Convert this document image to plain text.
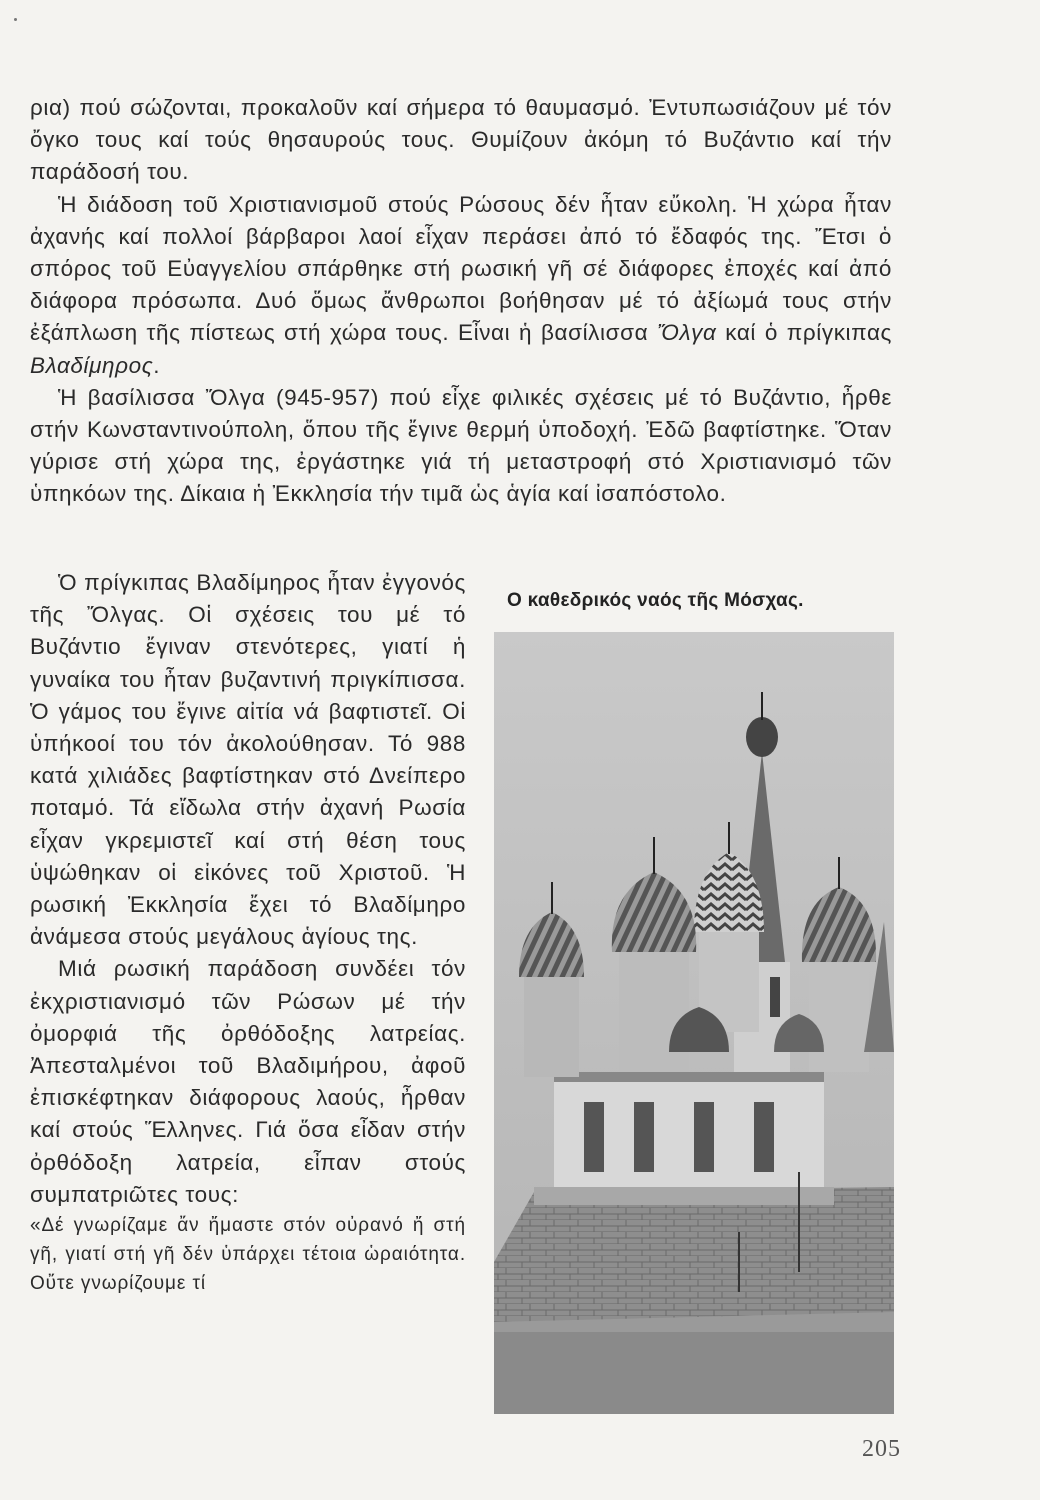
ρια) πού σώζονται, προκαλοῦν καί σήμερα τό θαυμασμό. Ἐντυπωσιάζουν μέ τόν ὄγκο τους καί τούς θησαυρούς τους. Θυμίζουν ἀκόμη τό Βυζάντιο καί τήν παράδοσή του.

Ἡ διάδοση τοῦ Χριστιανισμοῦ στούς Ρώσους δέν ἦταν εὔκολη. Ἡ χώρα ἦταν ἀχανής καί πολλοί βάρβαροι λαοί εἶχαν περάσει ἀπό τό ἔδαφός της. Ἔτσι ὁ σπόρος τοῦ Εὐαγγελίου σπάρθηκε στή ρωσική γῆ σέ διάφορες ἐποχές καί ἀπό διάφορα πρόσωπα. Δυό ὅμως ἄνθρωποι βοήθησαν μέ τό ἀξίωμά τους στήν ἐξάπλωση τῆς πίστεως στή χώρα τους. Εἶναι ἡ βασίλισσα Ὄλγα καί ὁ πρίγκιπας Βλαδίμηρος.

Ἡ βασίλισσα Ὄλγα (945-957) πού εἶχε φιλικές σχέσεις μέ τό Βυζάντιο, ἦρθε στήν Κωνσταντινούπολη, ὅπου τῆς ἔγινε θερμή ὑποδοχή. Ἐδῶ βαφτίστηκε. Ὅταν γύρισε στή χώρα της, ἐργάστηκε γιά τή μεταστροφή στό Χριστιανισμό τῶν ὑπηκόων της. Δίκαια ἡ Ἐκκλησία τήν τιμᾶ ὡς ἁγία καί ἰσαπόστολο.

Ὁ πρίγκιπας Βλαδίμηρος ἦταν ἐγγονός τῆς Ὄλγας. Οἱ σχέσεις του μέ τό Βυζάντιο ἔγιναν στενότερες, γιατί ἡ γυναίκα του ἦταν βυζαντινή πριγκίπισσα. Ὁ γάμος του ἔγινε αἰτία νά βαφτιστεῖ. Οἱ ὑπήκοοί του τόν ἀκολούθησαν. Τό 988 κατά χιλιάδες βαφτίστηκαν στό Δνείπερο ποταμό. Τά εἴδωλα στήν ἀχανή Ρωσία εἶχαν γκρεμιστεῖ καί στή θέση τους ὑψώθηκαν οἱ εἰκόνες τοῦ Χριστοῦ. Ἡ ρωσική Ἐκκλησία ἔχει τό Βλαδίμηρο ἀνάμεσα στούς μεγάλους ἁγίους της.

Μιά ρωσική παράδοση συνδέει τόν ἐκχριστιανισμό τῶν Ρώσων μέ τήν ὀμορφιά τῆς ὀρθόδοξης λατρείας. Ἀπεσταλμένοι τοῦ Βλαδιμήρου, ἀφοῦ ἐπισκέφτηκαν διάφορους λαούς, ἦρθαν καί στούς Ἕλληνες. Γιά ὅσα εἶδαν στήν ὀρθόδοξη λατρεία, εἶπαν στούς συμπατριῶτες τους:

«Δέ γνωρίζαμε ἄν ἤμαστε στόν οὐρανό ἤ στή γῆ, γιατί στή γῆ δέν ὑπάρχει τέτοια ὡραιότητα. Οὔτε γνωρίζουμε τί

Ο καθεδρικός ναός τῆς Μόσχας.
205
